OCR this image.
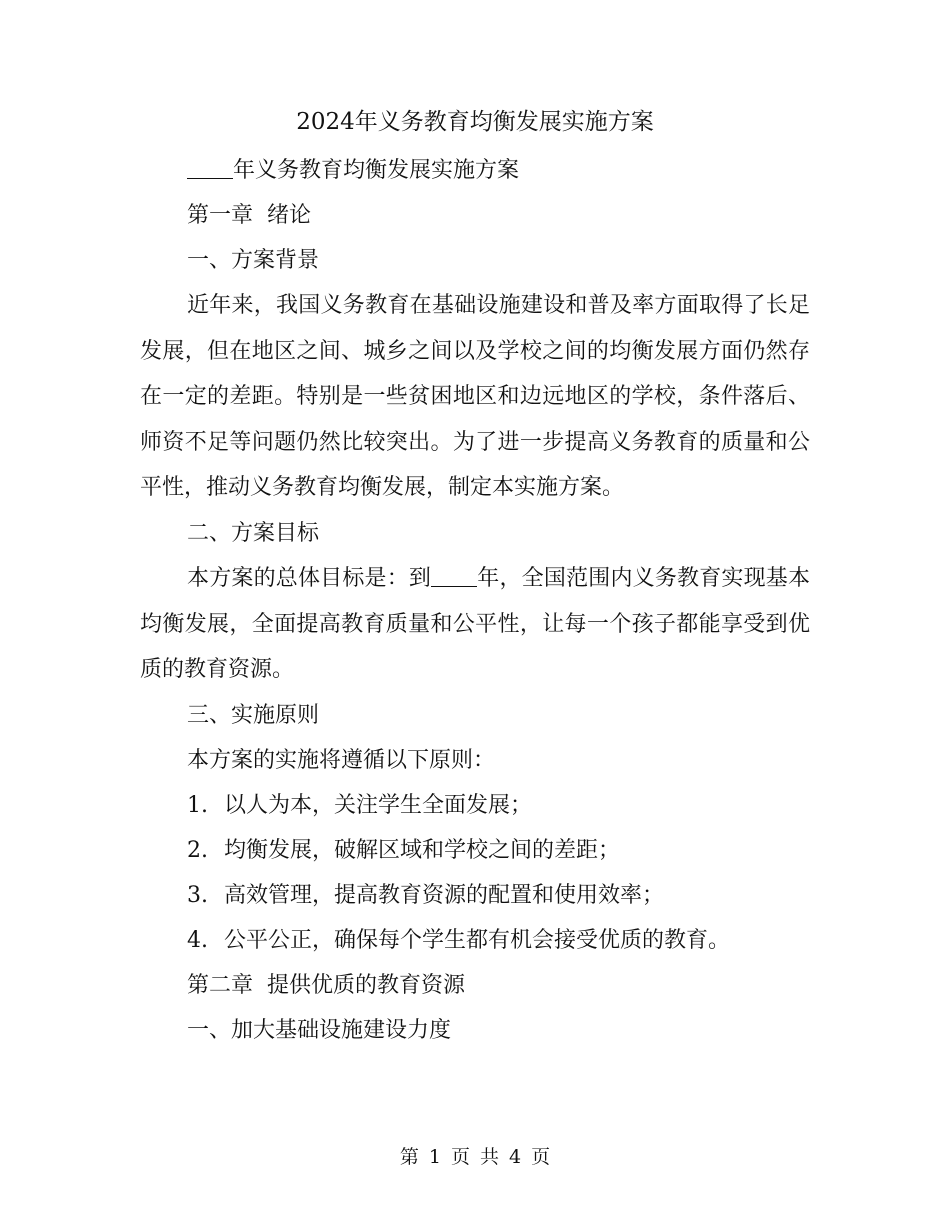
2024年义务教育均衡发展实施方案

年义务教育均衡发展实施方案

第一章  绪论

一、方案背景

近年来，我国义务教育在基础设施建设和普及率方面取得了长足发展，但在地区之间、城乡之间以及学校之间的均衡发展方面仍然存在一定的差距。特别是一些贫困地区和边远地区的学校，条件落后、师资不足等问题仍然比较突出。为了进一步提高义务教育的质量和公平性，推动义务教育均衡发展，制定本实施方案。

二、方案目标

本方案的总体目标是：到 年，全国范围内义务教育实现基本均衡发展，全面提高教育质量和公平性，让每一个孩子都能享受到优质的教育资源。

三、实施原则

本方案的实施将遵循以下原则：

1. 以人为本，关注学生全面发展；

2. 均衡发展，破解区域和学校之间的差距；

3. 高效管理，提高教育资源的配置和使用效率；

4. 公平公正，确保每个学生都有机会接受优质的教育。

第二章  提供优质的教育资源

一、加大基础设施建设力度

第 1 页 共 4 页
